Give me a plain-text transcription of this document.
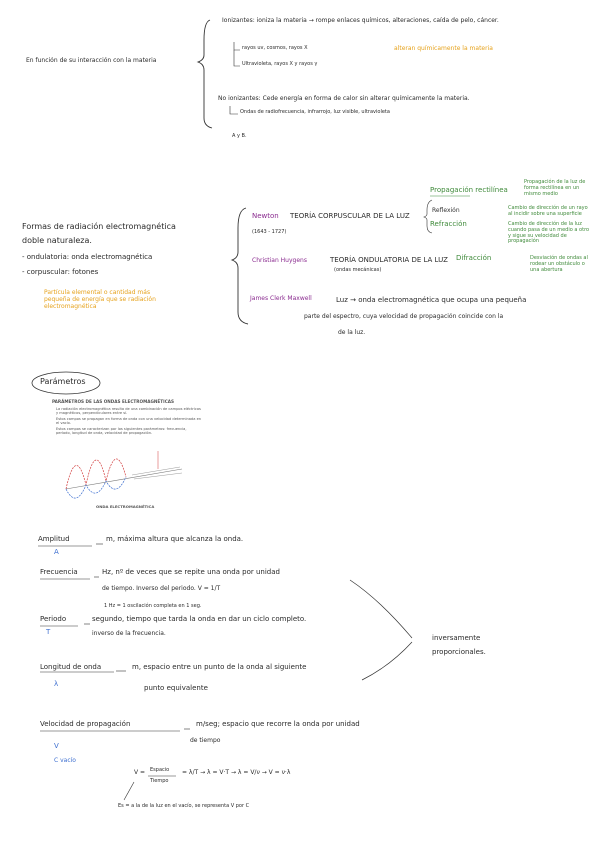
En función de su interacción con la materia
Ionizantes: ioniza la materia → rompe enlaces químicos, alteraciones, caída de pelo, cáncer.
rayos uv, cosmos, rayos X
Ultravioleta, rayos X y rayos γ
alteran químicamente la materia
No ionizantes: Cede energía en forma de calor sin alterar químicamente la materia.
Ondas de radiofrecuencia, infrarrojo, luz visible, ultravioleta
A y B.
Formas de radiación electromagnética
doble naturaleza.
- ondulatoria: onda electromagnética
- corpuscular: fotones
Partícula elemental o cantidad más pequeña de energía que se radiación electromagnética
Newton TEORÍA CORPUSCULAR DE LA LUZ
(1643 - 1727)
Propagación rectilínea
Reflexión
Refracción
Propagación de la luz de forma rectilínea en un mismo medio
Cambio de dirección de un rayo al incidir sobre una superficie
Cambio de dirección de la luz cuando pasa de un medio a otro y sigue su velocidad de propagación
Christian Huygens	TEORÍA ONDULATORIA DE LA LUZ
(ondas mecánicas)
Difracción	Desviación de ondas al rodear un obstáculo o una abertura
James Clerk Maxwell	Luz → onda electromagnética que ocupa una pequeña
parte del espectro, cuya velocidad de propagación coincide con la
de la luz.
Parámetros
PARÁMETROS DE LAS ONDAS ELECTROMAGNÉTICAS
La radiación electromagnética resulta de una combinación de campos eléctricos y magnéticos, perpendiculares entre sí.
Estos campos se propagan en forma de onda con una velocidad determinada en el vacío.
Estos campos se caracterizan por los siguientes parámetros: frecuencia, período, longitud de onda, velocidad de propagación.
ONDA ELECTROMAGNÉTICA
Amplitud
A
m, máxima altura que alcanza la onda.
Frecuencia	Hz, nº de veces que se repite una onda por unidad
de tiempo. Inverso del periodo. V = 1/T
1 Hz = 1 oscilación completa en 1 seg.
Periodo
T
segundo, tiempo que tarda la onda en dar un ciclo completo.
inverso de la frecuencia.
Longitud de onda
λ
m, espacio entre un punto de la onda al siguiente
punto equivalente
inversamente
proporcionales.
Velocidad de propagación
V
m/seg; espacio que recorre la onda por unidad
de tiempo
C vacío
V = Espacio
Tiempo
= λ/T → λ = V·T → λ = V/ν → V = ν·λ
Es = a la de la luz en el vacío, se representa V por C
